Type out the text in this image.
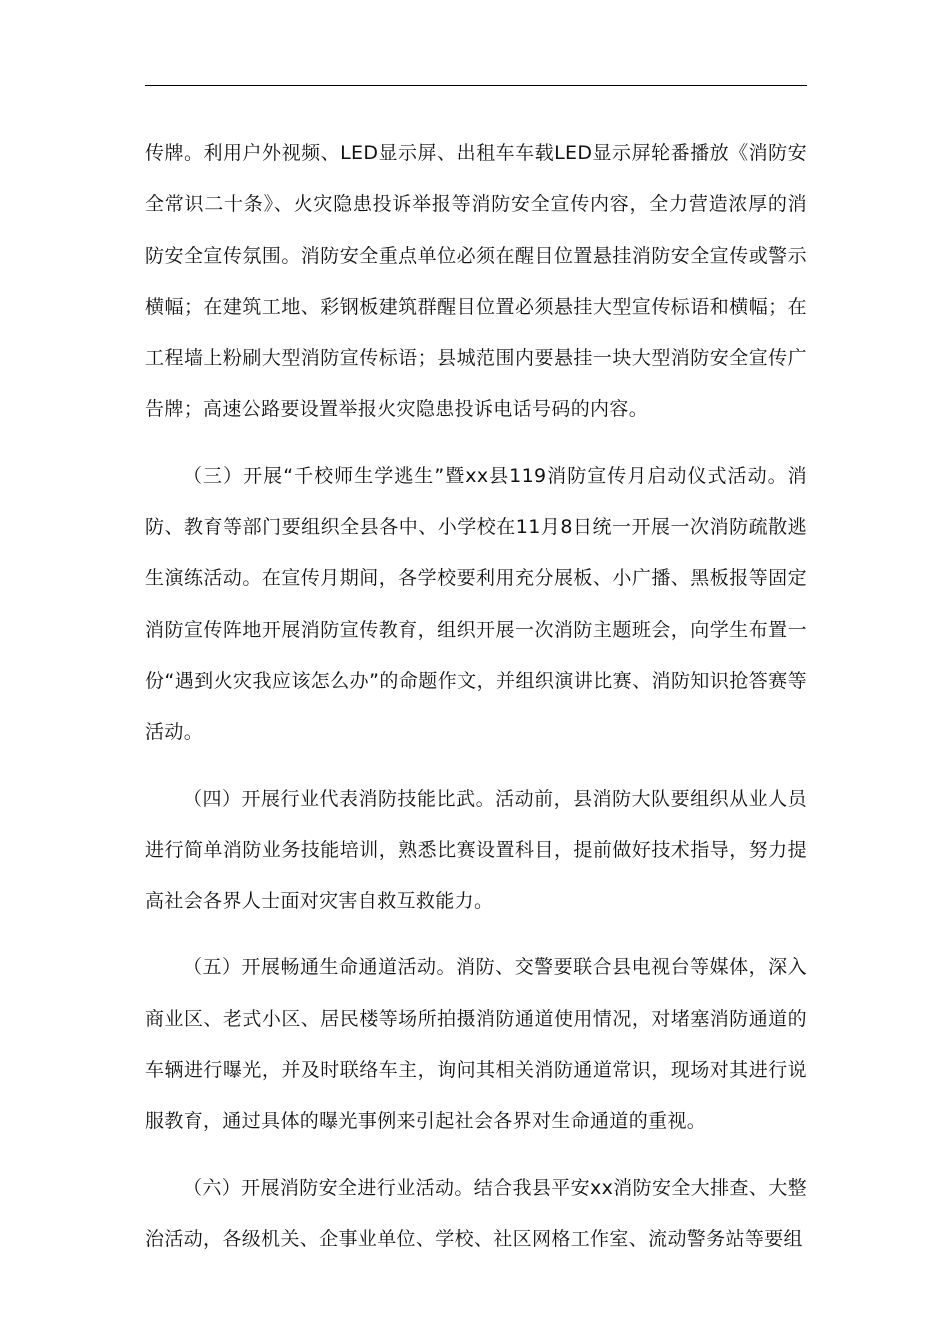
传牌。利用户外视频、LED显示屏、出租车车载LED显示屏轮番播放《消防安全常识二十条》、火灾隐患投诉举报等消防安全宣传内容，全力营造浓厚的消防安全宣传氛围。消防安全重点单位必须在醒目位置悬挂消防安全宣传或警示横幅；在建筑工地、彩钢板建筑群醒目位置必须悬挂大型宣传标语和横幅；在工程墙上粉刷大型消防宣传标语；县城范围内要悬挂一块大型消防安全宣传广告牌；高速公路要设置举报火灾隐患投诉电话号码的内容。

（三）开展“千校师生学逃生”暨xx县119消防宣传月启动仪式活动。消防、教育等部门要组织全县各中、小学校在11月8日统一开展一次消防疏散逃生演练活动。在宣传月期间，各学校要利用充分展板、小广播、黑板报等固定消防宣传阵地开展消防宣传教育，组织开展一次消防主题班会，向学生布置一份“遇到火灾我应该怎么办”的命题作文，并组织演讲比赛、消防知识抢答赛等活动。

（四）开展行业代表消防技能比武。活动前，县消防大队要组织从业人员进行简单消防业务技能培训，熟悉比赛设置科目，提前做好技术指导，努力提高社会各界人士面对灾害自救互救能力。

（五）开展畅通生命通道活动。消防、交警要联合县电视台等媒体，深入商业区、老式小区、居民楼等场所拍摄消防通道使用情况，对堵塞消防通道的车辆进行曝光，并及时联络车主，询问其相关消防通道常识，现场对其进行说服教育，通过具体的曝光事例来引起社会各界对生命通道的重视。

（六）开展消防安全进行业活动。结合我县平安xx消防安全大排查、大整治活动，各级机关、企事业单位、学校、社区网格工作室、流动警务站等要组
